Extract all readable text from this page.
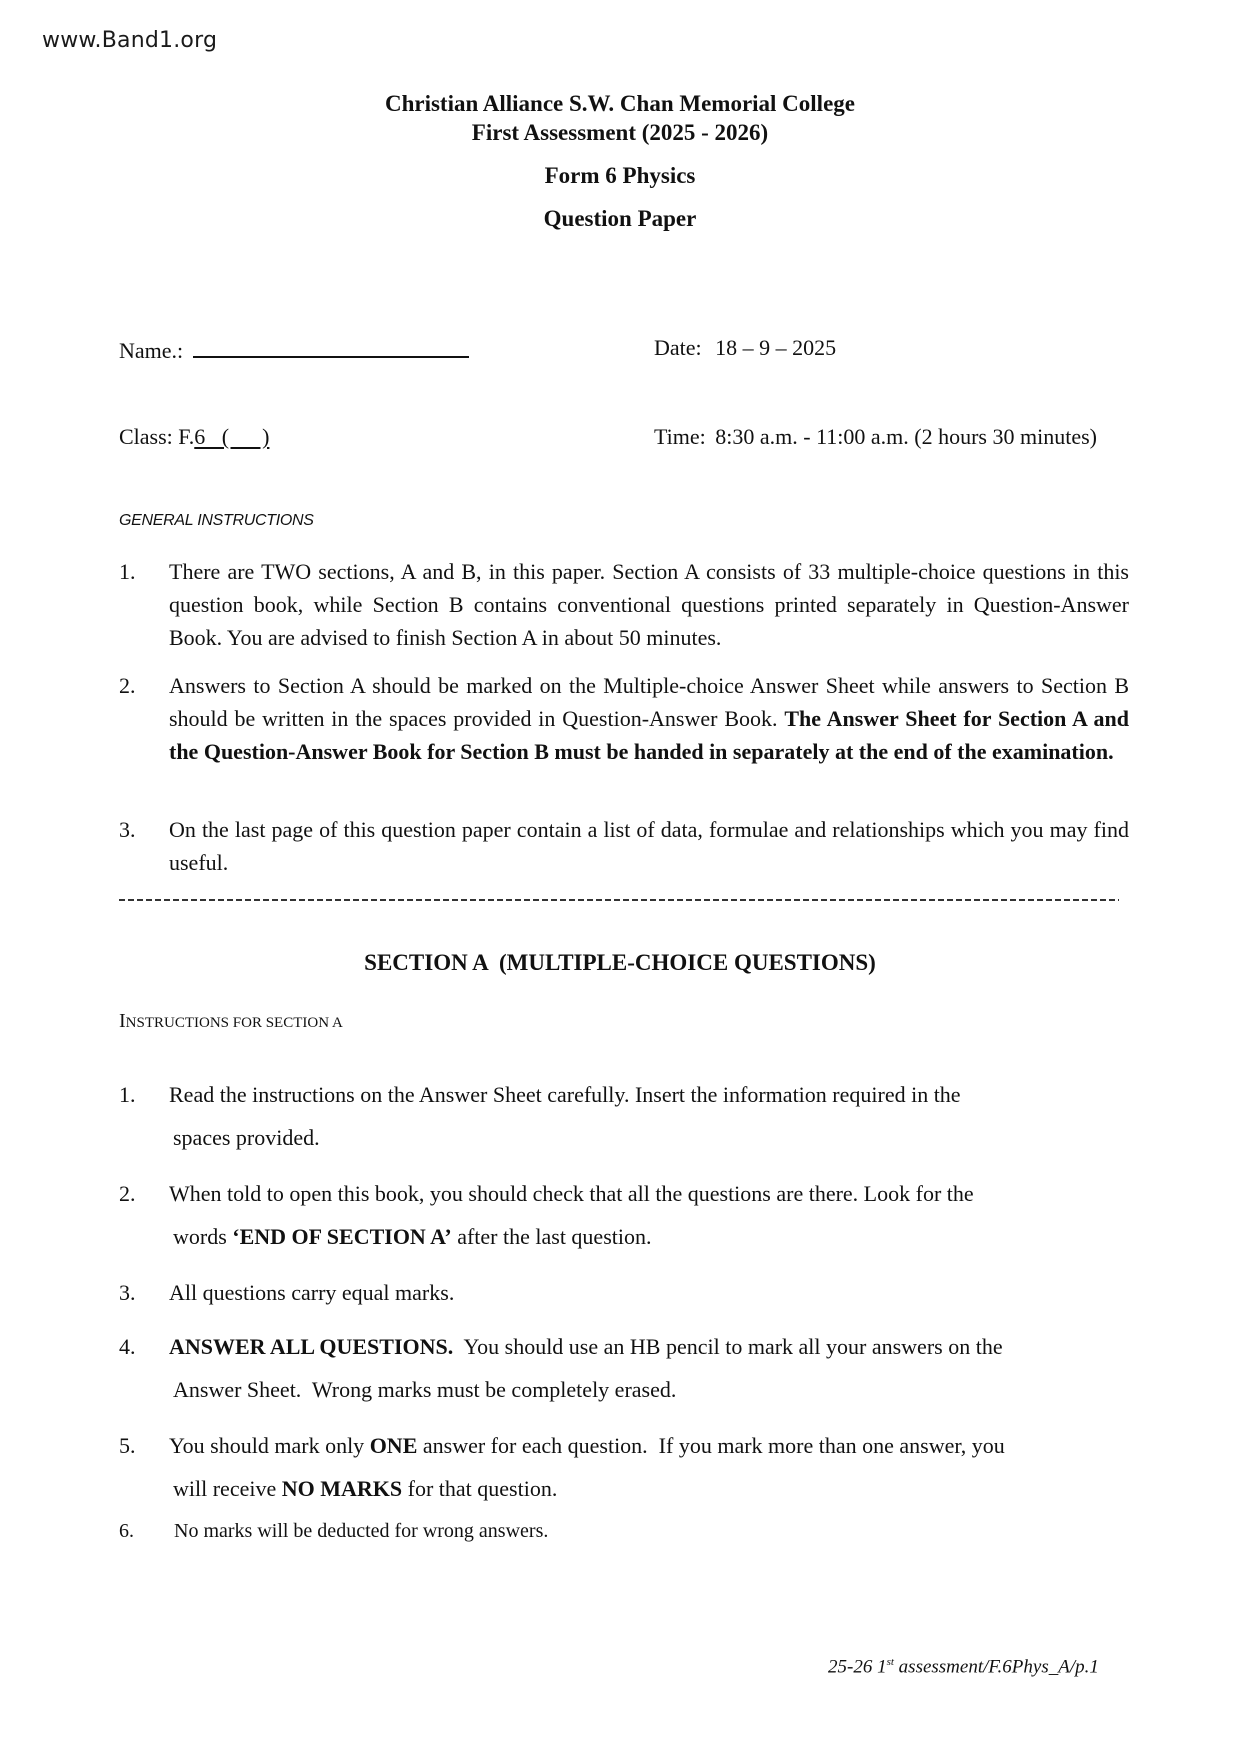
www.Band1.org
Christian Alliance S.W. Chan Memorial College
First Assessment (2025 - 2026)
Form 6 Physics
Question Paper
Name.:	Date: 18 – 9 – 2025
Class: F.6   (      )	Time: 8:30 a.m. - 11:00 a.m. (2 hours 30 minutes)
GENERAL INSTRUCTIONS
1. There are TWO sections, A and B, in this paper. Section A consists of 33 multiple-choice questions in this question book, while Section B contains conventional questions printed separately in Question-Answer Book. You are advised to finish Section A in about 50 minutes.
2. Answers to Section A should be marked on the Multiple-choice Answer Sheet while answers to Section B should be written in the spaces provided in Question-Answer Book. The Answer Sheet for Section A and the Question-Answer Book for Section B must be handed in separately at the end of the examination.
3. On the last page of this question paper contain a list of data, formulae and relationships which you may find useful.
SECTION A  (MULTIPLE-CHOICE QUESTIONS)
INSTRUCTIONS FOR SECTION A
1. Read the instructions on the Answer Sheet carefully. Insert the information required in the
spaces provided.
2. When told to open this book, you should check that all the questions are there. Look for the
words ‘END OF SECTION A’ after the last question.
3. All questions carry equal marks.
4. ANSWER ALL QUESTIONS.  You should use an HB pencil to mark all your answers on the
Answer Sheet.  Wrong marks must be completely erased.
5. You should mark only ONE answer for each question.  If you mark more than one answer, you
will receive NO MARKS for that question.
6. No marks will be deducted for wrong answers.
25-26 1st assessment/F.6Phys_A/p.1
